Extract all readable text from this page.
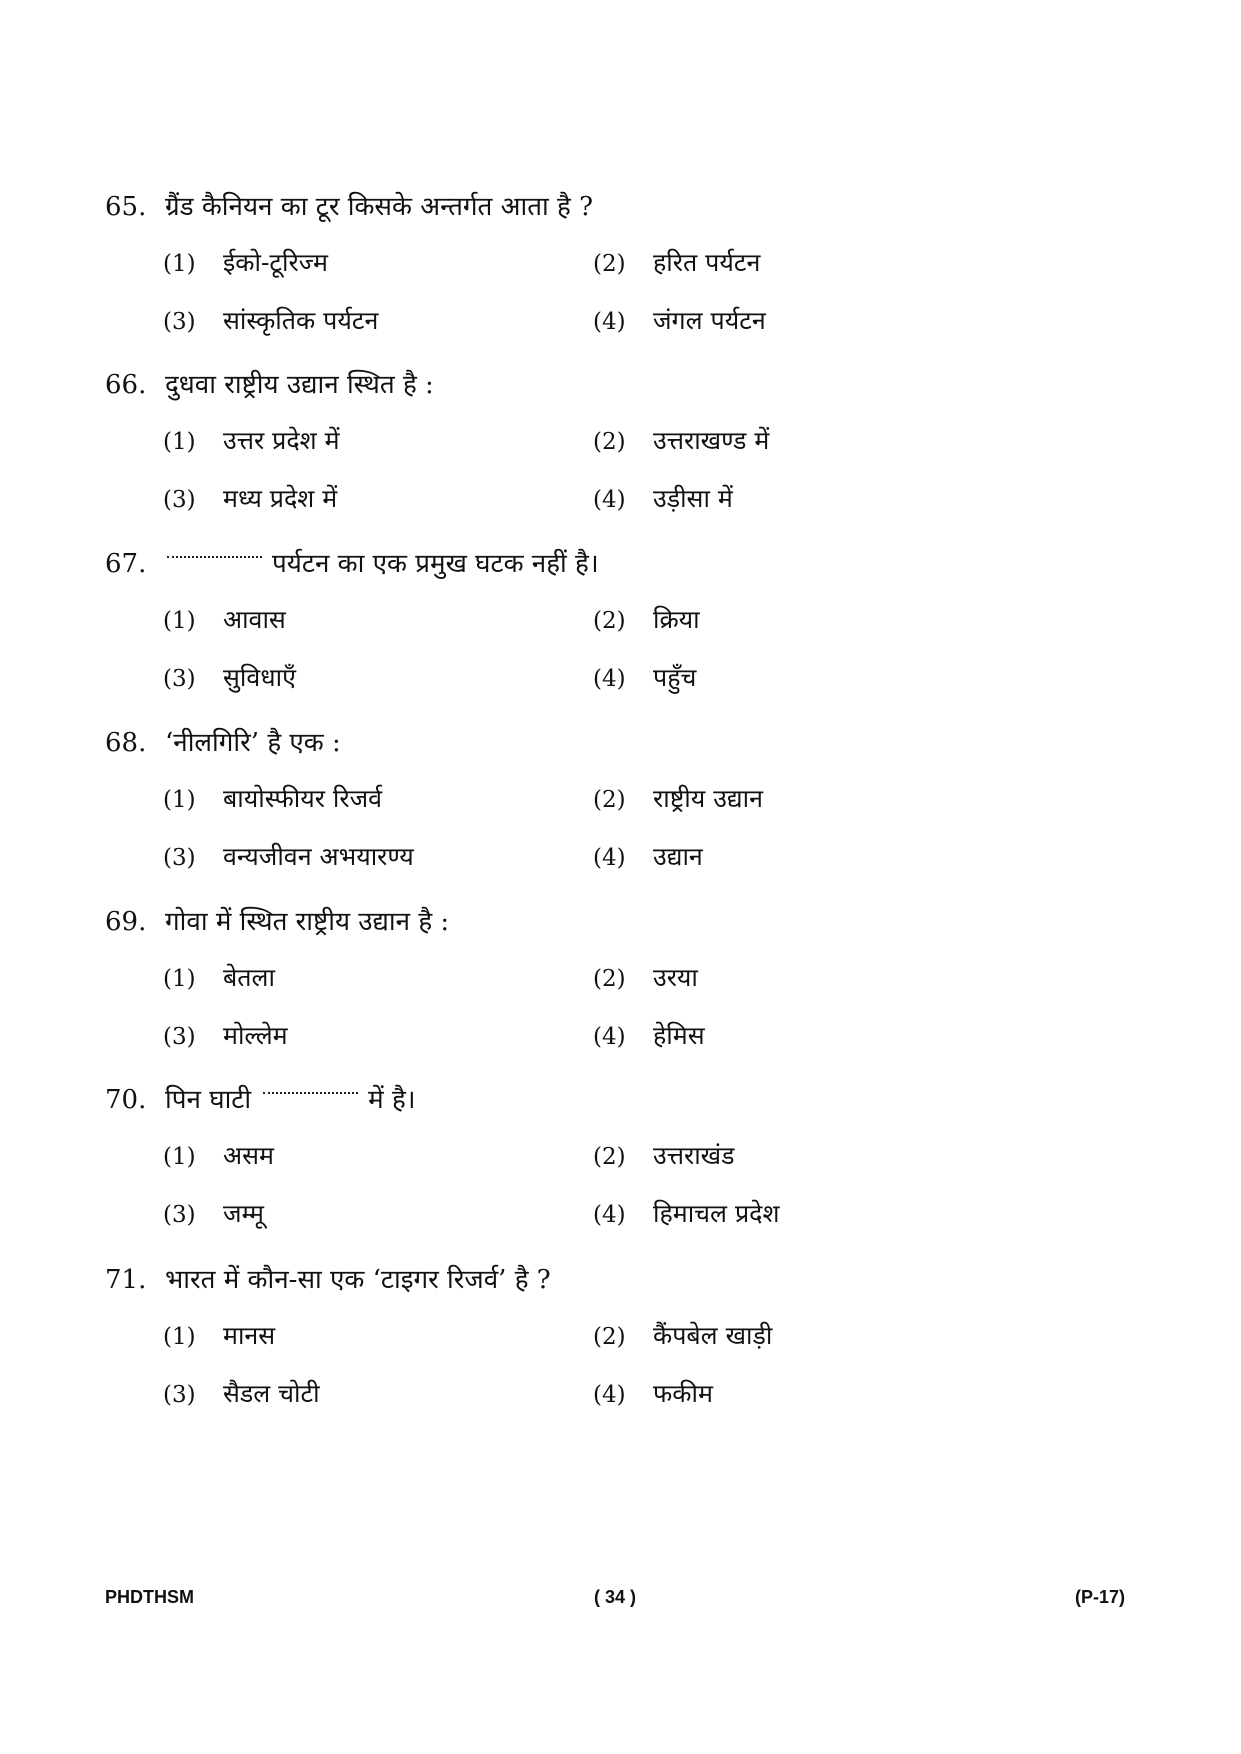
65. ग्रैंड कैनियन का टूर किसके अन्तर्गत आता है ?
(1)	ईको-टूरिज्म	(2)	हरित पर्यटन
(3)	सांस्कृतिक पर्यटन	(4)	जंगल पर्यटन
66. दुधवा राष्ट्रीय उद्यान स्थित है :
(1)	उत्तर प्रदेश में	(2)	उत्तराखण्ड में
(3)	मध्य प्रदेश में	(4)	उड़ीसा में
67.	पर्यटन का एक प्रमुख घटक नहीं है।
(1)	आवास	(2)	क्रिया
(3)	सुविधाएँ	(4)	पहुँच
68. ‘नीलगिरि’ है एक :
(1)	बायोस्फीयर रिजर्व	(2)	राष्ट्रीय उद्यान
(3)	वन्यजीवन अभयारण्य	(4)	उद्यान
69. गोवा में स्थित राष्ट्रीय उद्यान है :
(1)	बेतला	(2)	उरया
(3)	मोल्लेम	(4)	हेमिस
70. पिन घाटी	में है।
(1)	असम	(2)	उत्तराखंड
(3)	जम्मू	(4)	हिमाचल प्रदेश
71. भारत में कौन-सा एक ‘टाइगर रिजर्व’ है ?
(1)	मानस	(2)	कैंपबेल खाड़ी
(3)	सैडल चोटी	(4)	फकीम
PHDTHSM	( 34 )	(P-17)
